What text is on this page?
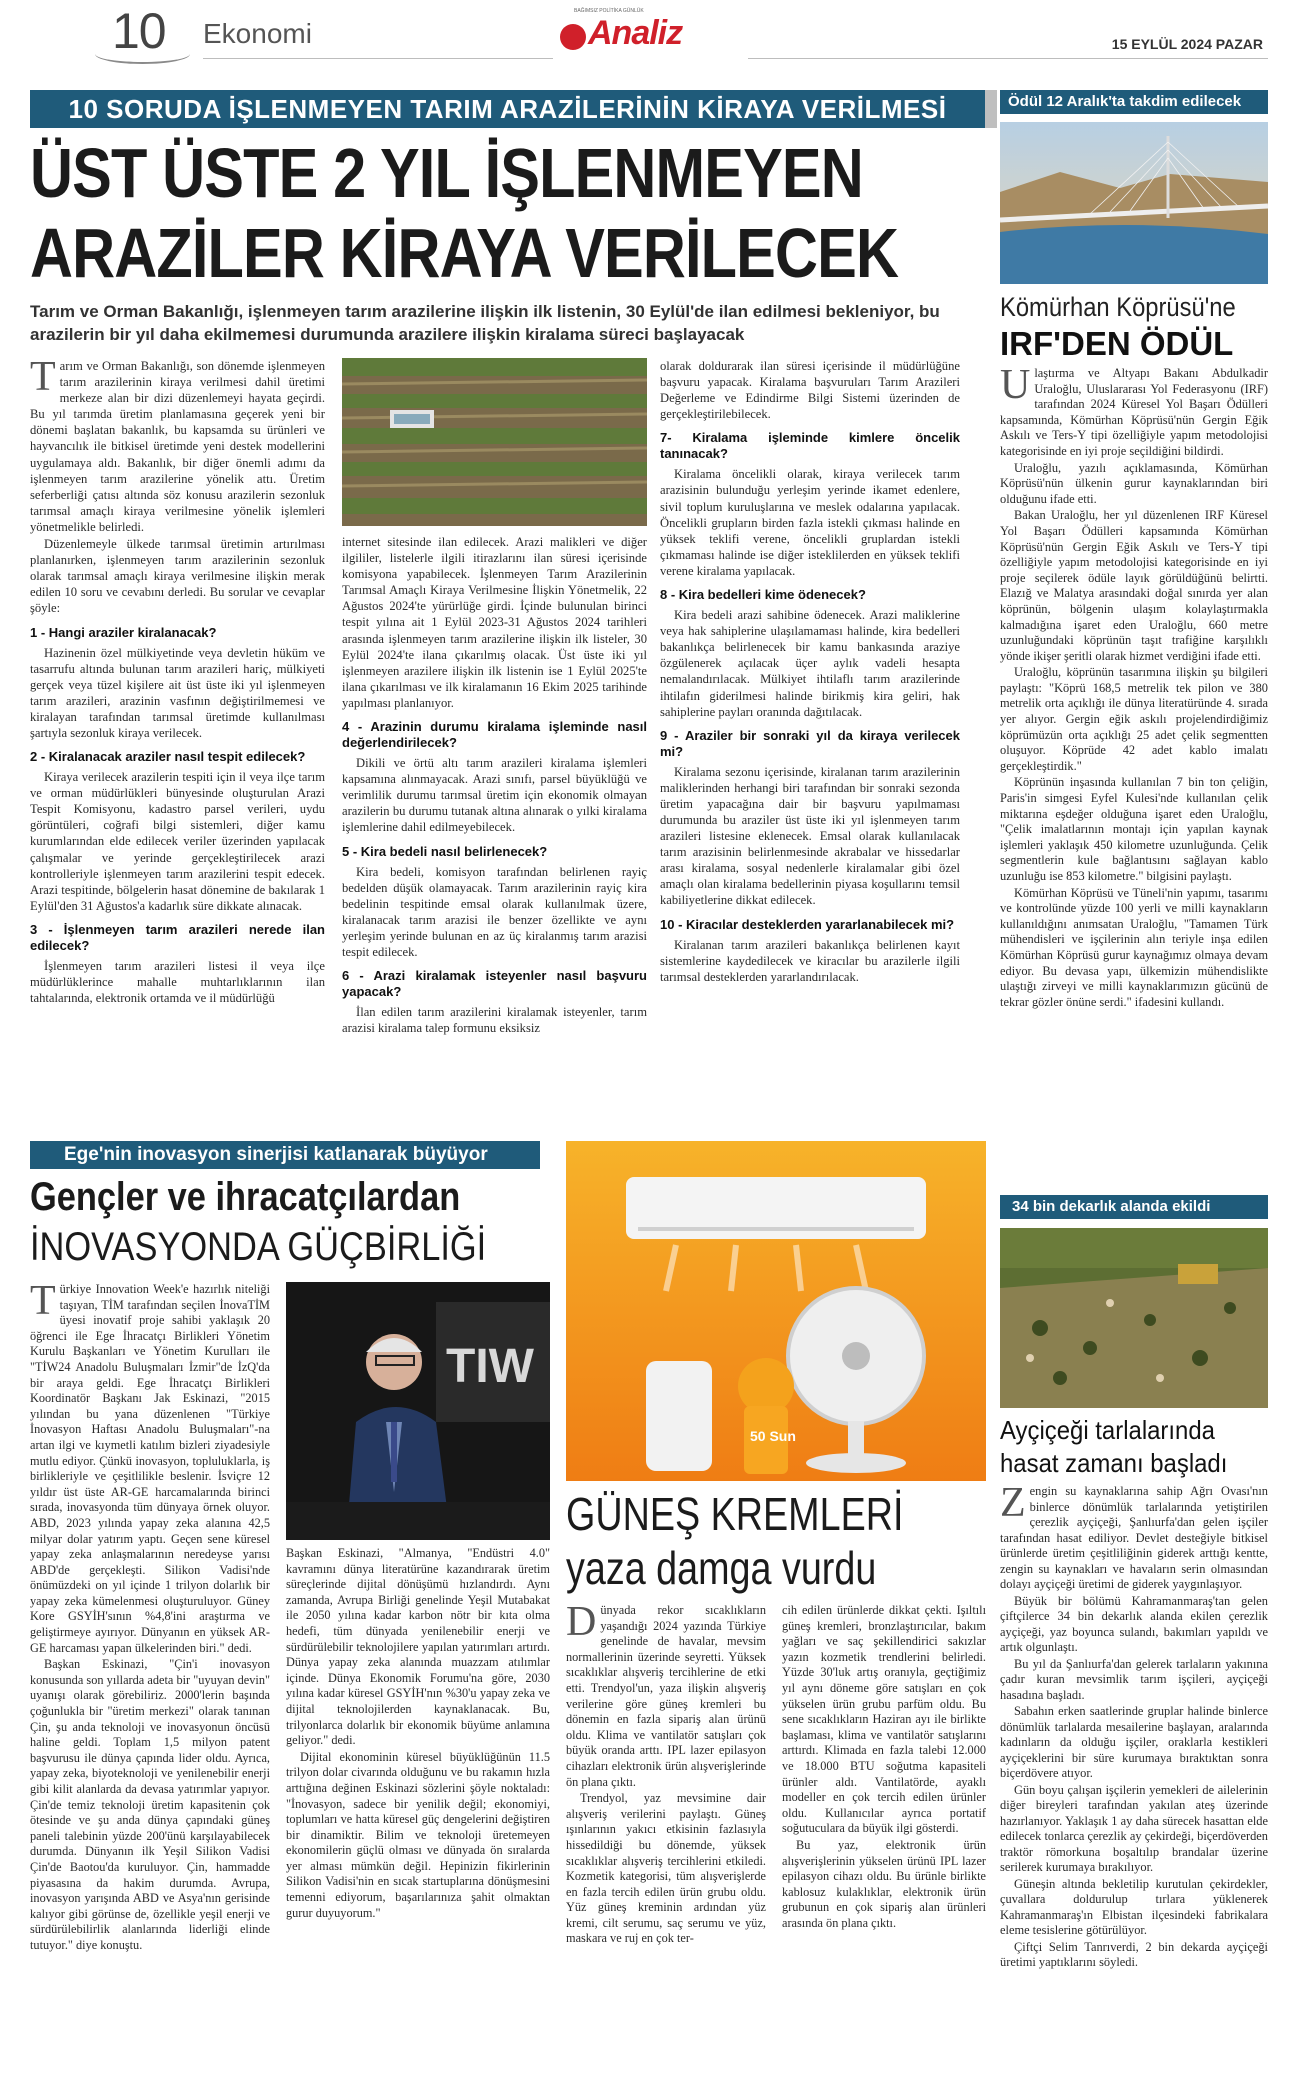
10 Ekonomi	Analiz
BAĞIMSIZ POLİTİKA GÜNLÜK
15 EYLÜL 2024 PAZAR
10 SORUDA İŞLENMEYEN TARIM ARAZİLERİNİN KİRAYA VERİLMESİ
ÜST ÜSTE 2 YIL İŞLENMEYEN
ARAZİLER KİRAYA VERİLECEK
Tarım ve Orman Bakanlığı, işlenmeyen tarım arazilerine ilişkin ilk listenin, 30 Eylül'de ilan edilmesi bekleniyor, bu arazilerin bir yıl daha ekilmemesi durumunda arazilere ilişkin kiralama süreci başlayacak

Tarım ve Orman Bakanlığı, son dönemde işlenmeyen tarım arazilerinin kiraya verilmesi dahil üretimi merkeze alan bir dizi düzenlemeyi hayata geçirdi. Bu yıl tarımda üretim planlamasına geçerek yeni bir dönemi başlatan bakanlık, bu kapsamda su ürünleri ve hayvancılık ile bitkisel üretimde yeni destek modellerini uygulamaya aldı. Bakanlık, bir diğer önemli adımı da işlenmeyen tarım arazilerine yönelik attı. Üretim seferberliği çatısı altında söz konusu arazilerin sezonluk tarımsal amaçlı kiraya verilmesine yönelik işlemleri yönetmelikle belirledi.

Düzenlemeyle ülkede tarımsal üretimin artırılması planlanırken, işlenmeyen tarım arazilerinin sezonluk olarak tarımsal amaçlı kiraya verilmesine ilişkin merak edilen 10 soru ve cevabını derledi. Bu sorular ve cevaplar şöyle:

1 - Hangi araziler kiralanacak?

Hazinenin özel mülkiyetinde veya devletin hüküm ve tasarrufu altında bulunan tarım arazileri hariç, mülkiyeti gerçek veya tüzel kişilere ait üst üste iki yıl işlenmeyen tarım arazileri, arazinin vasfının değiştirilmemesi ve kiralayan tarafından tarımsal üretimde kullanılması şartıyla sezonluk kiraya verilecek.

2 - Kiralanacak araziler nasıl tespit edilecek?

Kiraya verilecek arazilerin tespiti için il veya ilçe tarım ve orman müdürlükleri bünyesinde oluşturulan Arazi Tespit Komisyonu, kadastro parsel verileri, uydu görüntüleri, coğrafi bilgi sistemleri, diğer kamu kurumlarından elde edilecek veriler üzerinden yapılacak çalışmalar ve yerinde gerçekleştirilecek arazi kontrolleriyle işlenmeyen tarım arazilerini tespit edecek. Arazi tespitinde, bölgelerin hasat dönemine de bakılarak 1 Eylül'den 31 Ağustos'a kadarlık süre dikkate alınacak.

3 - İşlenmeyen tarım arazileri nerede ilan edilecek?

İşlenmeyen tarım arazileri listesi il veya ilçe müdürlüklerince mahalle muhtarlıklarının ilan tahtalarında, elektronik ortamda ve il müdürlüğü

internet sitesinde ilan edilecek. Arazi malikleri ve diğer ilgililer, listelerle ilgili itirazlarını ilan süresi içerisinde komisyona yapabilecek. İşlenmeyen Tarım Arazilerinin Tarımsal Amaçlı Kiraya Verilmesine İlişkin Yönetmelik, 22 Ağustos 2024'te yürürlüğe girdi. İçinde bulunulan birinci tespit yılına ait 1 Eylül 2023-31 Ağustos 2024 tarihleri arasında işlenmeyen tarım arazilerine ilişkin ilk listeler, 30 Eylül 2024'te ilana çıkarılmış olacak. Üst üste iki yıl işlenmeyen arazilere ilişkin ilk listenin ise 1 Eylül 2025'te ilana çıkarılması ve ilk kiralamanın 16 Ekim 2025 tarihinde yapılması planlanıyor.

4 - Arazinin durumu kiralama işleminde nasıl değerlendirilecek?

Dikili ve örtü altı tarım arazileri kiralama işlemleri kapsamına alınmayacak. Arazi sınıfı, parsel büyüklüğü ve verimlilik durumu tarımsal üretim için ekonomik olmayan arazilerin bu durumu tutanak altına alınarak o yılki kiralama işlemlerine dahil edilmeyebilecek.

5 - Kira bedeli nasıl belirlenecek?

Kira bedeli, komisyon tarafından belirlenen rayiç bedelden düşük olamayacak. Tarım arazilerinin rayiç kira bedelinin tespitinde emsal olarak kullanılmak üzere, kiralanacak tarım arazisi ile benzer özellikte ve aynı yerleşim yerinde bulunan en az üç kiralanmış tarım arazisi tespit edilecek.

6 - Arazi kiralamak isteyenler nasıl başvuru yapacak?

İlan edilen tarım arazilerini kiralamak isteyenler, tarım arazisi kiralama talep formunu eksiksiz

olarak doldurarak ilan süresi içerisinde il müdürlüğüne başvuru yapacak. Kiralama başvuruları Tarım Arazileri Değerleme ve Edindirme Bilgi Sistemi üzerinden de gerçekleştirilebilecek.

7- Kiralama işleminde kimlere öncelik tanınacak?

Kiralama öncelikli olarak, kiraya verilecek tarım arazisinin bulunduğu yerleşim yerinde ikamet edenlere, sivil toplum kuruluşlarına ve meslek odalarına yapılacak. Öncelikli grupların birden fazla istekli çıkması halinde en yüksek teklifi verene, öncelikli gruplardan istekli çıkmaması halinde ise diğer isteklilerden en yüksek teklifi verene kiralama yapılacak.

8 - Kira bedelleri kime ödenecek?

Kira bedeli arazi sahibine ödenecek. Arazi maliklerine veya hak sahiplerine ulaşılamaması halinde, kira bedelleri bakanlıkça belirlenecek bir kamu bankasında araziye özgülenerek açılacak üçer aylık vadeli hesapta nemalandırılacak. Mülkiyet ihtilaflı tarım arazilerinde ihtilafın giderilmesi halinde birikmiş kira geliri, hak sahiplerine payları oranında dağıtılacak.

9 - Araziler bir sonraki yıl da kiraya verilecek mi?

Kiralama sezonu içerisinde, kiralanan tarım arazilerinin maliklerinden herhangi biri tarafından bir sonraki sezonda üretim yapacağına dair bir başvuru yapılmaması durumunda bu araziler üst üste iki yıl işlenmeyen tarım arazileri listesine eklenecek. Emsal olarak kullanılacak tarım arazisinin belirlenmesinde akrabalar ve hissedarlar arası kiralama, sosyal nedenlerle kiralamalar gibi özel amaçlı olan kiralama bedellerinin piyasa koşullarını temsil kabiliyetlerine dikkat edilecek.

10 - Kiracılar desteklerden yararlanabilecek mi?

Kiralanan tarım arazileri bakanlıkça belirlenen kayıt sistemlerine kaydedilecek ve kiracılar bu arazilerle ilgili tarımsal desteklerden yararlandırılacak.

Ödül 12 Aralık'ta takdim edilecek
Kömürhan Köprüsü'ne
IRF'DEN ÖDÜL

Ulaştırma ve Altyapı Bakanı Abdulkadir Uraloğlu, Uluslararası Yol Federasyonu (IRF) tarafından 2024 Küresel Yol Başarı Ödülleri kapsamında, Kömürhan Köprüsü'nün Gergin Eğik Askılı ve Ters-Y tipi özelliğiyle yapım metodolojisi kategorisinde en iyi proje seçildiğini bildirdi.

Uraloğlu, yazılı açıklamasında, Kömürhan Köprüsü'nün ülkenin gurur kaynaklarından biri olduğunu ifade etti.

Bakan Uraloğlu, her yıl düzenlenen IRF Küresel Yol Başarı Ödülleri kapsamında Kömürhan Köprüsü'nün Gergin Eğik Askılı ve Ters-Y tipi özelliğiyle yapım metodolojisi kategorisinde en iyi proje seçilerek ödüle layık görüldüğünü belirtti. Elazığ ve Malatya arasındaki doğal sınırda yer alan köprünün, bölgenin ulaşım kolaylaştırmakla kalmadığına işaret eden Uraloğlu, 660 metre uzunluğundaki köprünün taşıt trafiğine karşılıklı yönde ikişer şeritli olarak hizmet verdiğini ifade etti.

Uraloğlu, köprünün tasarımına ilişkin şu bilgileri paylaştı: "Köprü 168,5 metrelik tek pilon ve 380 metrelik orta açıklığı ile dünya literatüründe 4. sırada yer alıyor. Gergin eğik askılı projelendirdiğimiz köprümüzün orta açıklığı 25 adet çelik segmentten oluşuyor. Köprüde 42 adet kablo imalatı gerçekleştirdik."

Köprünün inşasında kullanılan 7 bin ton çeliğin, Paris'in simgesi Eyfel Kulesi'nde kullanılan çelik miktarına eşdeğer olduğuna işaret eden Uraloğlu, "Çelik imalatlarının montajı için yapılan kaynak işlemleri yaklaşık 450 kilometre uzunluğunda. Çelik segmentlerin kule bağlantısını sağlayan kablo uzunluğu ise 853 kilometre." bilgisini paylaştı.

Kömürhan Köprüsü ve Tüneli'nin yapımı, tasarımı ve kontrolünde yüzde 100 yerli ve milli kaynakların kullanıldığını anımsatan Uraloğlu, "Tamamen Türk mühendisleri ve işçilerinin alın teriyle inşa edilen Kömürhan Köprüsü gurur kaynağımız olmaya devam ediyor. Bu devasa yapı, ülkemizin mühendislikte ulaştığı zirveyi ve milli kaynaklarımızın gücünü de tekrar gözler önüne serdi." ifadesini kullandı.

34 bin dekarlık alanda ekildi
Ayçiçeği tarlalarında
hasat zamanı başladı

Zengin su kaynaklarına sahip Ağrı Ovası'nın binlerce dönümlük tarlalarında yetiştirilen çerezlik ayçiçeği, Şanlıurfa'dan gelen işçiler tarafından hasat ediliyor. Devlet desteğiyle bitkisel ürünlerde üretim çeşitliliğinin giderek arttığı kentte, zengin su kaynakları ve havaların serin olmasından dolayı ayçiçeği üretimi de giderek yaygınlaşıyor.

Büyük bir bölümü Kahramanmaraş'tan gelen çiftçilerce 34 bin dekarlık alanda ekilen çerezlik ayçiçeği, yaz boyunca sulandı, bakımları yapıldı ve artık olgunlaştı.

Bu yıl da Şanlıurfa'dan gelerek tarlaların yakınına çadır kuran mevsimlik tarım işçileri, ayçiçeği hasadına başladı.

Sabahın erken saatlerinde gruplar halinde binlerce dönümlük tarlalarda mesailerine başlayan, aralarında kadınların da olduğu işçiler, oraklarla kestikleri ayçiçeklerini bir süre kurumaya bıraktıktan sonra biçerdövere atıyor.

Gün boyu çalışan işçilerin yemekleri de ailelerinin diğer bireyleri tarafından yakılan ateş üzerinde hazırlanıyor. Yaklaşık 1 ay daha sürecek hasattan elde edilecek tonlarca çerezlik ay çekirdeği, biçerdöverden traktör römorkuna boşaltılıp brandalar üzerine serilerek kurumaya bırakılıyor.

Güneşin altında bekletilip kurutulan çekirdekler, çuvallara doldurulup tırlara yüklenerek Kahramanmaraş'ın Elbistan ilçesindeki fabrikalara eleme tesislerine götürülüyor.

Çiftçi Selim Tanrıverdi, 2 bin dekarda ayçiçeği üretimi yaptıklarını söyledi.

Ege'nin inovasyon sinerjisi katlanarak büyüyor
Gençler ve ihracatçılardan
İNOVASYONDA GÜÇBİRLİĞİ

Türkiye Innovation Week'e hazırlık niteliği taşıyan, TİM tarafından seçilen İnovaTİM üyesi inovatif proje sahibi yaklaşık 20 öğrenci ile Ege İhracatçı Birlikleri Yönetim Kurulu Başkanları ve Yönetim Kurulları ile "TİW24 Anadolu Buluşmaları İzmir"de İzQ'da bir araya geldi. Ege İhracatçı Birlikleri Koordinatör Başkanı Jak Eskinazi, "2015 yılından bu yana düzenlenen "Türkiye İnovasyon Haftası Anadolu Buluşmaları"-na artan ilgi ve kıymetli katılım bizleri ziyadesiyle mutlu ediyor. Çünkü inovasyon, topluluklarla, iş birlikleriyle ve çeşitlilikle beslenir. İsviçre 12 yıldır üst üste AR-GE harcamalarında birinci sırada, inovasyonda tüm dünyaya örnek oluyor. ABD, 2023 yılında yapay zeka alanına 42,5 milyar dolar yatırım yaptı. Geçen sene küresel yapay zeka anlaşmalarının neredeyse yarısı ABD'de gerçekleşti. Silikon Vadisi'nde önümüzdeki on yıl içinde 1 trilyon dolarlık bir yapay zeka kümelenmesi oluşturuluyor. Güney Kore GSYİH'sının %4,8'ini araştırma ve geliştirmeye ayırıyor. Dünyanın en yüksek AR-GE harcaması yapan ülkelerinden biri." dedi.

Başkan Eskinazi, "Çin'i inovasyon konusunda son yıllarda adeta bir "uyuyan devin" uyanışı olarak görebiliriz. 2000'lerin başında çoğunlukla bir "üretim merkezi" olarak tanınan Çin, şu anda teknoloji ve inovasyonun öncüsü haline geldi. Toplam 1,5 milyon patent başvurusu ile dünya çapında lider oldu. Ayrıca, yapay zeka, biyoteknoloji ve yenilenebilir enerji gibi kilit alanlarda da devasa yatırımlar yapıyor. Çin'de temiz teknoloji üretim kapasitenin çok ötesinde ve şu anda dünya çapındaki güneş paneli talebinin yüzde 200'ünü karşılayabilecek durumda. Dünyanın ilk Yeşil Silikon Vadisi Çin'de Baotou'da kuruluyor. Çin, hammadde piyasasına da hakim durumda. Avrupa, inovasyon yarışında ABD ve Asya'nın gerisinde kalıyor gibi görünse de, özellikle yeşil enerji ve sürdürülebilirlik alanlarında liderliği elinde tutuyor." diye konuştu.

TIW

Başkan Eskinazi, "Almanya, "Endüstri 4.0" kavramını dünya literatürüne kazandırarak üretim süreçlerinde dijital dönüşümü hızlandırdı. Aynı zamanda, Avrupa Birliği genelinde Yeşil Mutabakat ile 2050 yılına kadar karbon nötr bir kıta olma hedefi, tüm dünyada yenilenebilir enerji ve sürdürülebilir teknolojilere yapılan yatırımları artırdı. Dünya yapay zeka alanında muazzam atılımlar içinde. Dünya Ekonomik Forumu'na göre, 2030 yılına kadar küresel GSYİH'nın %30'u yapay zeka ve dijital teknolojilerden kaynaklanacak. Bu, trilyonlarca dolarlık bir ekonomik büyüme anlamına geliyor." dedi.

Dijital ekonominin küresel büyüklüğünün 11.5 trilyon dolar civarında olduğunu ve bu rakamın hızla arttığına değinen Eskinazi sözlerini şöyle noktaladı: "İnovasyon, sadece bir yenilik değil; ekonomiyi, toplumları ve hatta küresel güç dengelerini değiştiren bir dinamiktir. Bilim ve teknoloji üretemeyen ekonomilerin güçlü olması ve dünyada ön sıralarda yer alması mümkün değil. Hepinizin fikirlerinin Silikon Vadisi'nin en sıcak startuplarına dönüşmesini temenni ediyorum, başarılarınıza şahit olmaktan gurur duyuyorum."

50 Sun
GÜNEŞ KREMLERİ
yaza damga vurdu

Dünyada rekor sıcaklıkların yaşandığı 2024 yazında Türkiye genelinde de havalar, mevsim normallerinin üzerinde seyretti. Yüksek sıcaklıklar alışveriş tercihlerine de etki etti. Trendyol'un, yaza ilişkin alışveriş verilerine göre güneş kremleri bu dönemin en fazla sipariş alan ürünü oldu. Klima ve vantilatör satışları çok büyük oranda arttı. IPL lazer epilasyon cihazları elektronik ürün alışverişlerinde ön plana çıktı.

Trendyol, yaz mevsimine dair alışveriş verilerini paylaştı. Güneş ışınlarının yakıcı etkisinin fazlasıyla hissedildiği bu dönemde, yüksek sıcaklıklar alışveriş tercihlerini etkiledi. Kozmetik kategorisi, tüm alışverişlerde en fazla tercih edilen ürün grubu oldu. Yüz güneş kreminin ardından yüz kremi, cilt serumu, saç serumu ve yüz, maskara ve ruj en çok ter-

cih edilen ürünlerde dikkat çekti. Işıltılı güneş kremleri, bronzlaştırıcılar, bakım yağları ve saç şekillendirici sakızlar yazın kozmetik trendlerini belirledi. Yüzde 30'luk artış oranıyla, geçtiğimiz yıl aynı döneme göre satışları en çok yükselen ürün grubu parfüm oldu. Bu sene sıcaklıkların Haziran ayı ile birlikte başlaması, klima ve vantilatör satışlarını arttırdı. Klimada en fazla talebi 12.000 ve 18.000 BTU soğutma kapasiteli ürünler aldı. Vantilatörde, ayaklı modeller en çok tercih edilen ürünler oldu. Kullanıcılar ayrıca portatif soğutuculara da büyük ilgi gösterdi.

Bu yaz, elektronik ürün alışverişlerinin yükselen ürünü IPL lazer epilasyon cihazı oldu. Bu ürünle birlikte kablosuz kulaklıklar, elektronik ürün grubunun en çok sipariş alan ürünleri arasında ön plana çıktı.
